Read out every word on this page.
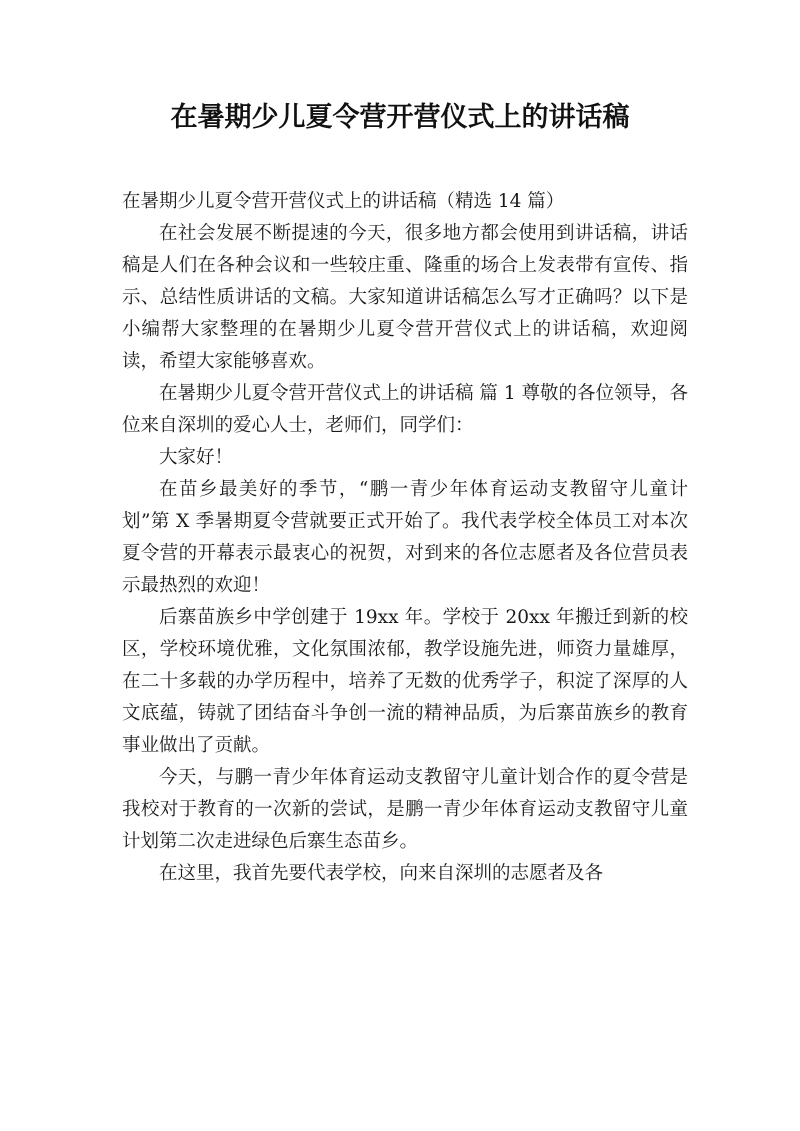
在暑期少儿夏令营开营仪式上的讲话稿

在暑期少儿夏令营开营仪式上的讲话稿（精选 14 篇）

在社会发展不断提速的今天，很多地方都会使用到讲话稿，讲话稿是人们在各种会议和一些较庄重、隆重的场合上发表带有宣传、指示、总结性质讲话的文稿。大家知道讲话稿怎么写才正确吗？以下是小编帮大家整理的在暑期少儿夏令营开营仪式上的讲话稿，欢迎阅读，希望大家能够喜欢。

在暑期少儿夏令营开营仪式上的讲话稿 篇 1 尊敬的各位领导，各位来自深圳的爱心人士，老师们，同学们：

大家好！

在苗乡最美好的季节，“鹏一青少年体育运动支教留守儿童计划”第 X 季暑期夏令营就要正式开始了。我代表学校全体员工对本次夏令营的开幕表示最衷心的祝贺，对到来的各位志愿者及各位营员表示最热烈的欢迎！

后寨苗族乡中学创建于 19xx 年。学校于 20xx 年搬迁到新的校区，学校环境优雅，文化氛围浓郁，教学设施先进，师资力量雄厚，在二十多载的办学历程中，培养了无数的优秀学子，积淀了深厚的人文底蕴，铸就了团结奋斗争创一流的精神品质，为后寨苗族乡的教育事业做出了贡献。

今天，与鹏一青少年体育运动支教留守儿童计划合作的夏令营是我校对于教育的一次新的尝试，是鹏一青少年体育运动支教留守儿童计划第二次走进绿色后寨生态苗乡。

在这里，我首先要代表学校，向来自深圳的志愿者及各
